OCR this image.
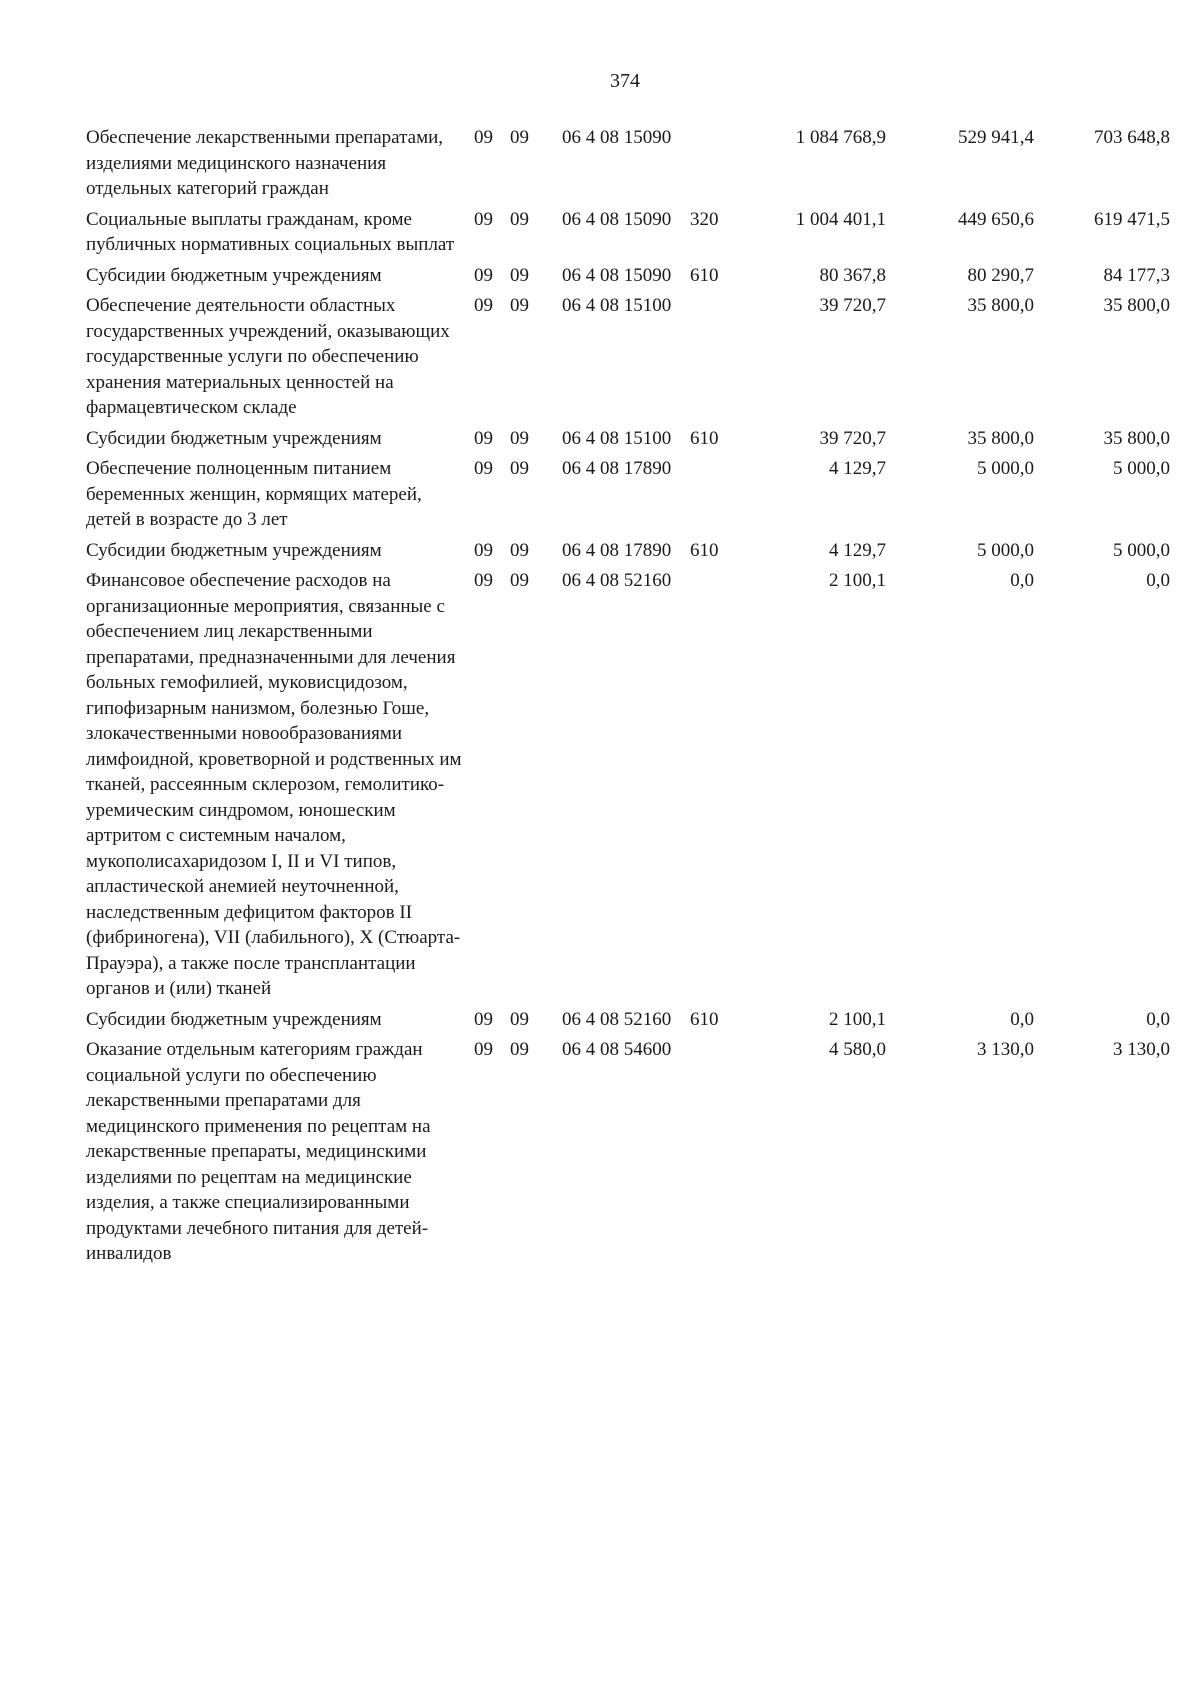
374
Обеспечение лекарственными препаратами, изделиями медицинского назначения отдельных категорий граждан	09	09	06 4 08 15090		1 084 768,9	529 941,4	703 648,8
Социальные выплаты гражданам, кроме публичных нормативных социальных выплат	09	09	06 4 08 15090	320	1 004 401,1	449 650,6	619 471,5
Субсидии бюджетным учреждениям	09	09	06 4 08 15090	610	80 367,8	80 290,7	84 177,3
Обеспечение деятельности областных государственных учреждений, оказывающих государственные услуги по обеспечению хранения материальных ценностей на фармацевтическом складе	09	09	06 4 08 15100		39 720,7	35 800,0	35 800,0
Субсидии бюджетным учреждениям	09	09	06 4 08 15100	610	39 720,7	35 800,0	35 800,0
Обеспечение полноценным питанием беременных женщин, кормящих матерей, детей в возрасте до 3 лет	09	09	06 4 08 17890		4 129,7	5 000,0	5 000,0
Субсидии бюджетным учреждениям	09	09	06 4 08 17890	610	4 129,7	5 000,0	5 000,0
Финансовое обеспечение расходов на организационные мероприятия, связанные с обеспечением лиц лекарственными препаратами, предназначенными для лечения больных гемофилией, муковисцидозом, гипофизарным нанизмом, болезнью Гоше, злокачественными новообразованиями лимфоидной, кроветворной и родственных им тканей, рассеянным склерозом, гемолитико-уремическим синдромом, юношеским артритом с системным началом, мукополисахаридозом I, II и VI типов, апластической анемией неуточненной, наследственным дефицитом факторов II (фибриногена), VII (лабильного), X (Стюарта-Прауэра), а также после трансплантации органов и (или) тканей	09	09	06 4 08 52160		2 100,1	0,0	0,0
Субсидии бюджетным учреждениям	09	09	06 4 08 52160	610	2 100,1	0,0	0,0
Оказание отдельным категориям граждан социальной услуги по обеспечению лекарственными препаратами для медицинского применения по рецептам на лекарственные препараты, медицинскими изделиями по рецептам на медицинские изделия, а также специализированными продуктами лечебного питания для детей-инвалидов	09	09	06 4 08 54600		4 580,0	3 130,0	3 130,0
